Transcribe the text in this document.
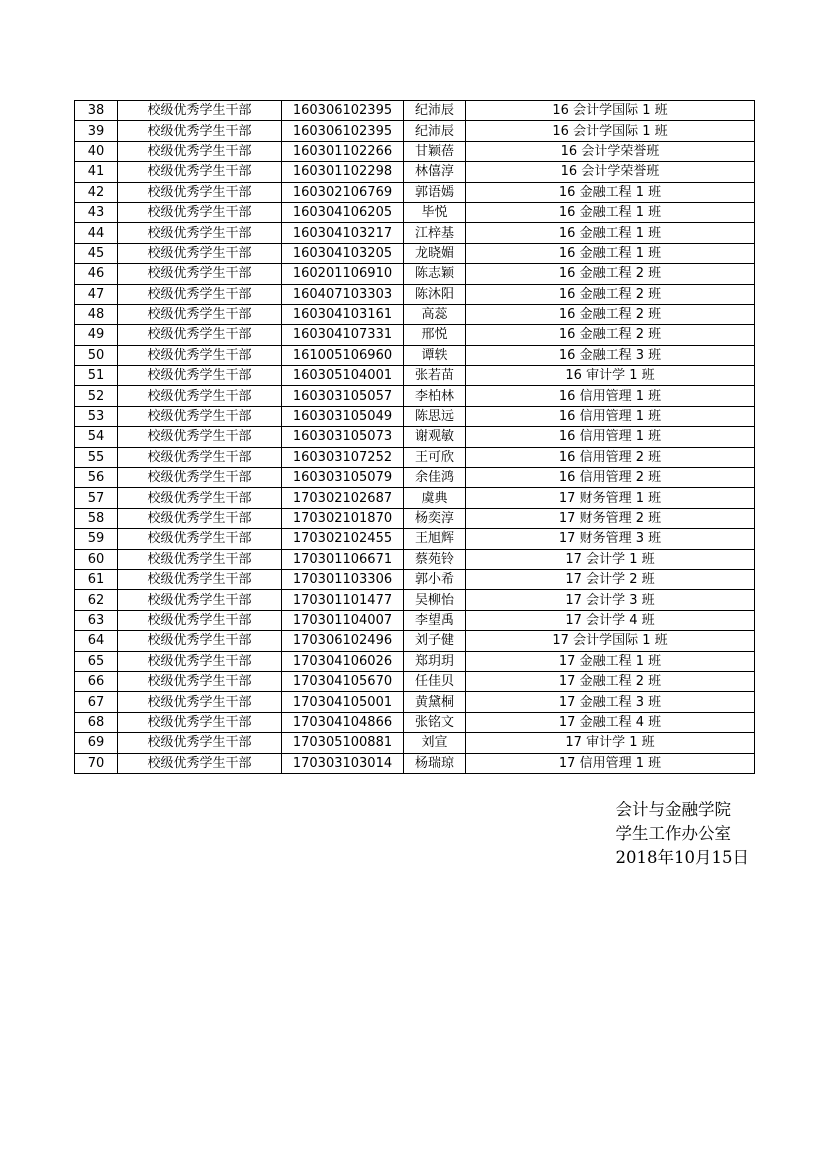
38	校级优秀学生干部	160306102395	纪沛辰	16 会计学国际 1 班
39	校级优秀学生干部	160306102395	纪沛辰	16 会计学国际 1 班
40	校级优秀学生干部	160301102266	甘颖蓓	16 会计学荣誉班
41	校级优秀学生干部	160301102298	林僖淳	16 会计学荣誉班
42	校级优秀学生干部	160302106769	郭语嫣	16 金融工程 1 班
43	校级优秀学生干部	160304106205	毕悦	16 金融工程 1 班
44	校级优秀学生干部	160304103217	江梓基	16 金融工程 1 班
45	校级优秀学生干部	160304103205	龙晓媚	16 金融工程 1 班
46	校级优秀学生干部	160201106910	陈志颖	16 金融工程 2 班
47	校级优秀学生干部	160407103303	陈沐阳	16 金融工程 2 班
48	校级优秀学生干部	160304103161	高蕊	16 金融工程 2 班
49	校级优秀学生干部	160304107331	邢悦	16 金融工程 2 班
50	校级优秀学生干部	161005106960	谭轶	16 金融工程 3 班
51	校级优秀学生干部	160305104001	张若苗	16 审计学 1 班
52	校级优秀学生干部	160303105057	李柏林	16 信用管理 1 班
53	校级优秀学生干部	160303105049	陈思远	16 信用管理 1 班
54	校级优秀学生干部	160303105073	谢观敏	16 信用管理 1 班
55	校级优秀学生干部	160303107252	王可欣	16 信用管理 2 班
56	校级优秀学生干部	160303105079	余佳鸿	16 信用管理 2 班
57	校级优秀学生干部	170302102687	虞典	17 财务管理 1 班
58	校级优秀学生干部	170302101870	杨奕淳	17 财务管理 2 班
59	校级优秀学生干部	170302102455	王旭辉	17 财务管理 3 班
60	校级优秀学生干部	170301106671	蔡苑铃	17 会计学 1 班
61	校级优秀学生干部	170301103306	郭小希	17 会计学 2 班
62	校级优秀学生干部	170301101477	吴柳怡	17 会计学 3 班
63	校级优秀学生干部	170301104007	李望禹	17 会计学 4 班
64	校级优秀学生干部	170306102496	刘子健	17 会计学国际 1 班
65	校级优秀学生干部	170304106026	郑玥玥	17 金融工程 1 班
66	校级优秀学生干部	170304105670	任佳贝	17 金融工程 2 班
67	校级优秀学生干部	170304105001	黄黛桐	17 金融工程 3 班
68	校级优秀学生干部	170304104866	张铭文	17 金融工程 4 班
69	校级优秀学生干部	170305100881	刘宣	17 审计学 1 班
70	校级优秀学生干部	170303103014	杨瑞琼	17 信用管理 1 班
会计与金融学院
学生工作办公室
2018年10月15日
